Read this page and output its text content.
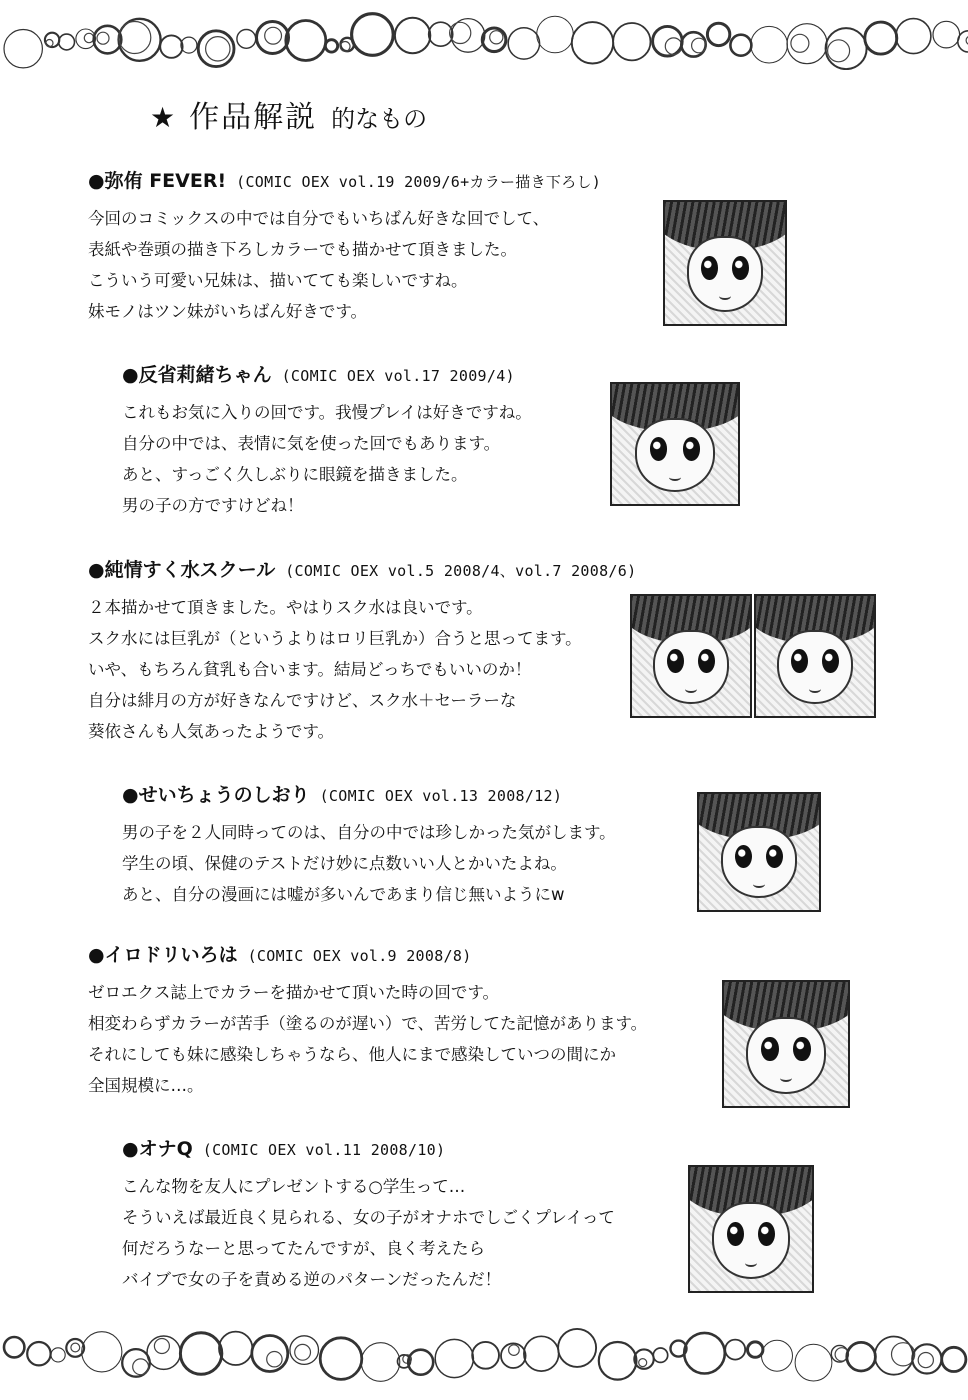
★ 作品解説 的なもの
●弥侑 FEVER! (COMIC OEX vol.19 2009/6+カラー描き下ろし)
今回のコミックスの中では自分でもいちばん好きな回でして、
表紙や巻頭の描き下ろしカラーでも描かせて頂きました。
こういう可愛い兄妹は、描いてても楽しいですね。
妹モノはツン妹がいちばん好きです。
●反省莉緒ちゃん (COMIC OEX vol.17 2009/4)
これもお気に入りの回です。我慢プレイは好きですね。
自分の中では、表情に気を使った回でもあります。
あと、すっごく久しぶりに眼鏡を描きました。
男の子の方ですけどね！
●純情すく水スクール (COMIC OEX vol.5 2008/4、vol.7 2008/6)
２本描かせて頂きました。やはりスク水は良いです。
スク水には巨乳が（というよりはロリ巨乳か）合うと思ってます。
いや、もちろん貧乳も合います。結局どっちでもいいのか！
自分は緋月の方が好きなんですけど、スク水＋セーラーな
葵依さんも人気あったようです。
●せいちょうのしおり (COMIC OEX vol.13 2008/12)
男の子を２人同時ってのは、自分の中では珍しかった気がします。
学生の頃、保健のテストだけ妙に点数いい人とかいたよね。
あと、自分の漫画には嘘が多いんであまり信じ無いようにw
●イロドリいろは (COMIC OEX vol.9 2008/8)
ゼロエクス誌上でカラーを描かせて頂いた時の回です。
相変わらずカラーが苦手（塗るのが遅い）で、苦労してた記憶があります。
それにしても妹に感染しちゃうなら、他人にまで感染していつの間にか
全国規模に…。
●オナQ (COMIC OEX vol.11 2008/10)
こんな物を友人にプレゼントする○学生って…
そういえば最近良く見られる、女の子がオナホでしごくプレイって
何だろうなーと思ってたんですが、良く考えたら
バイブで女の子を責める逆のパターンだったんだ！
